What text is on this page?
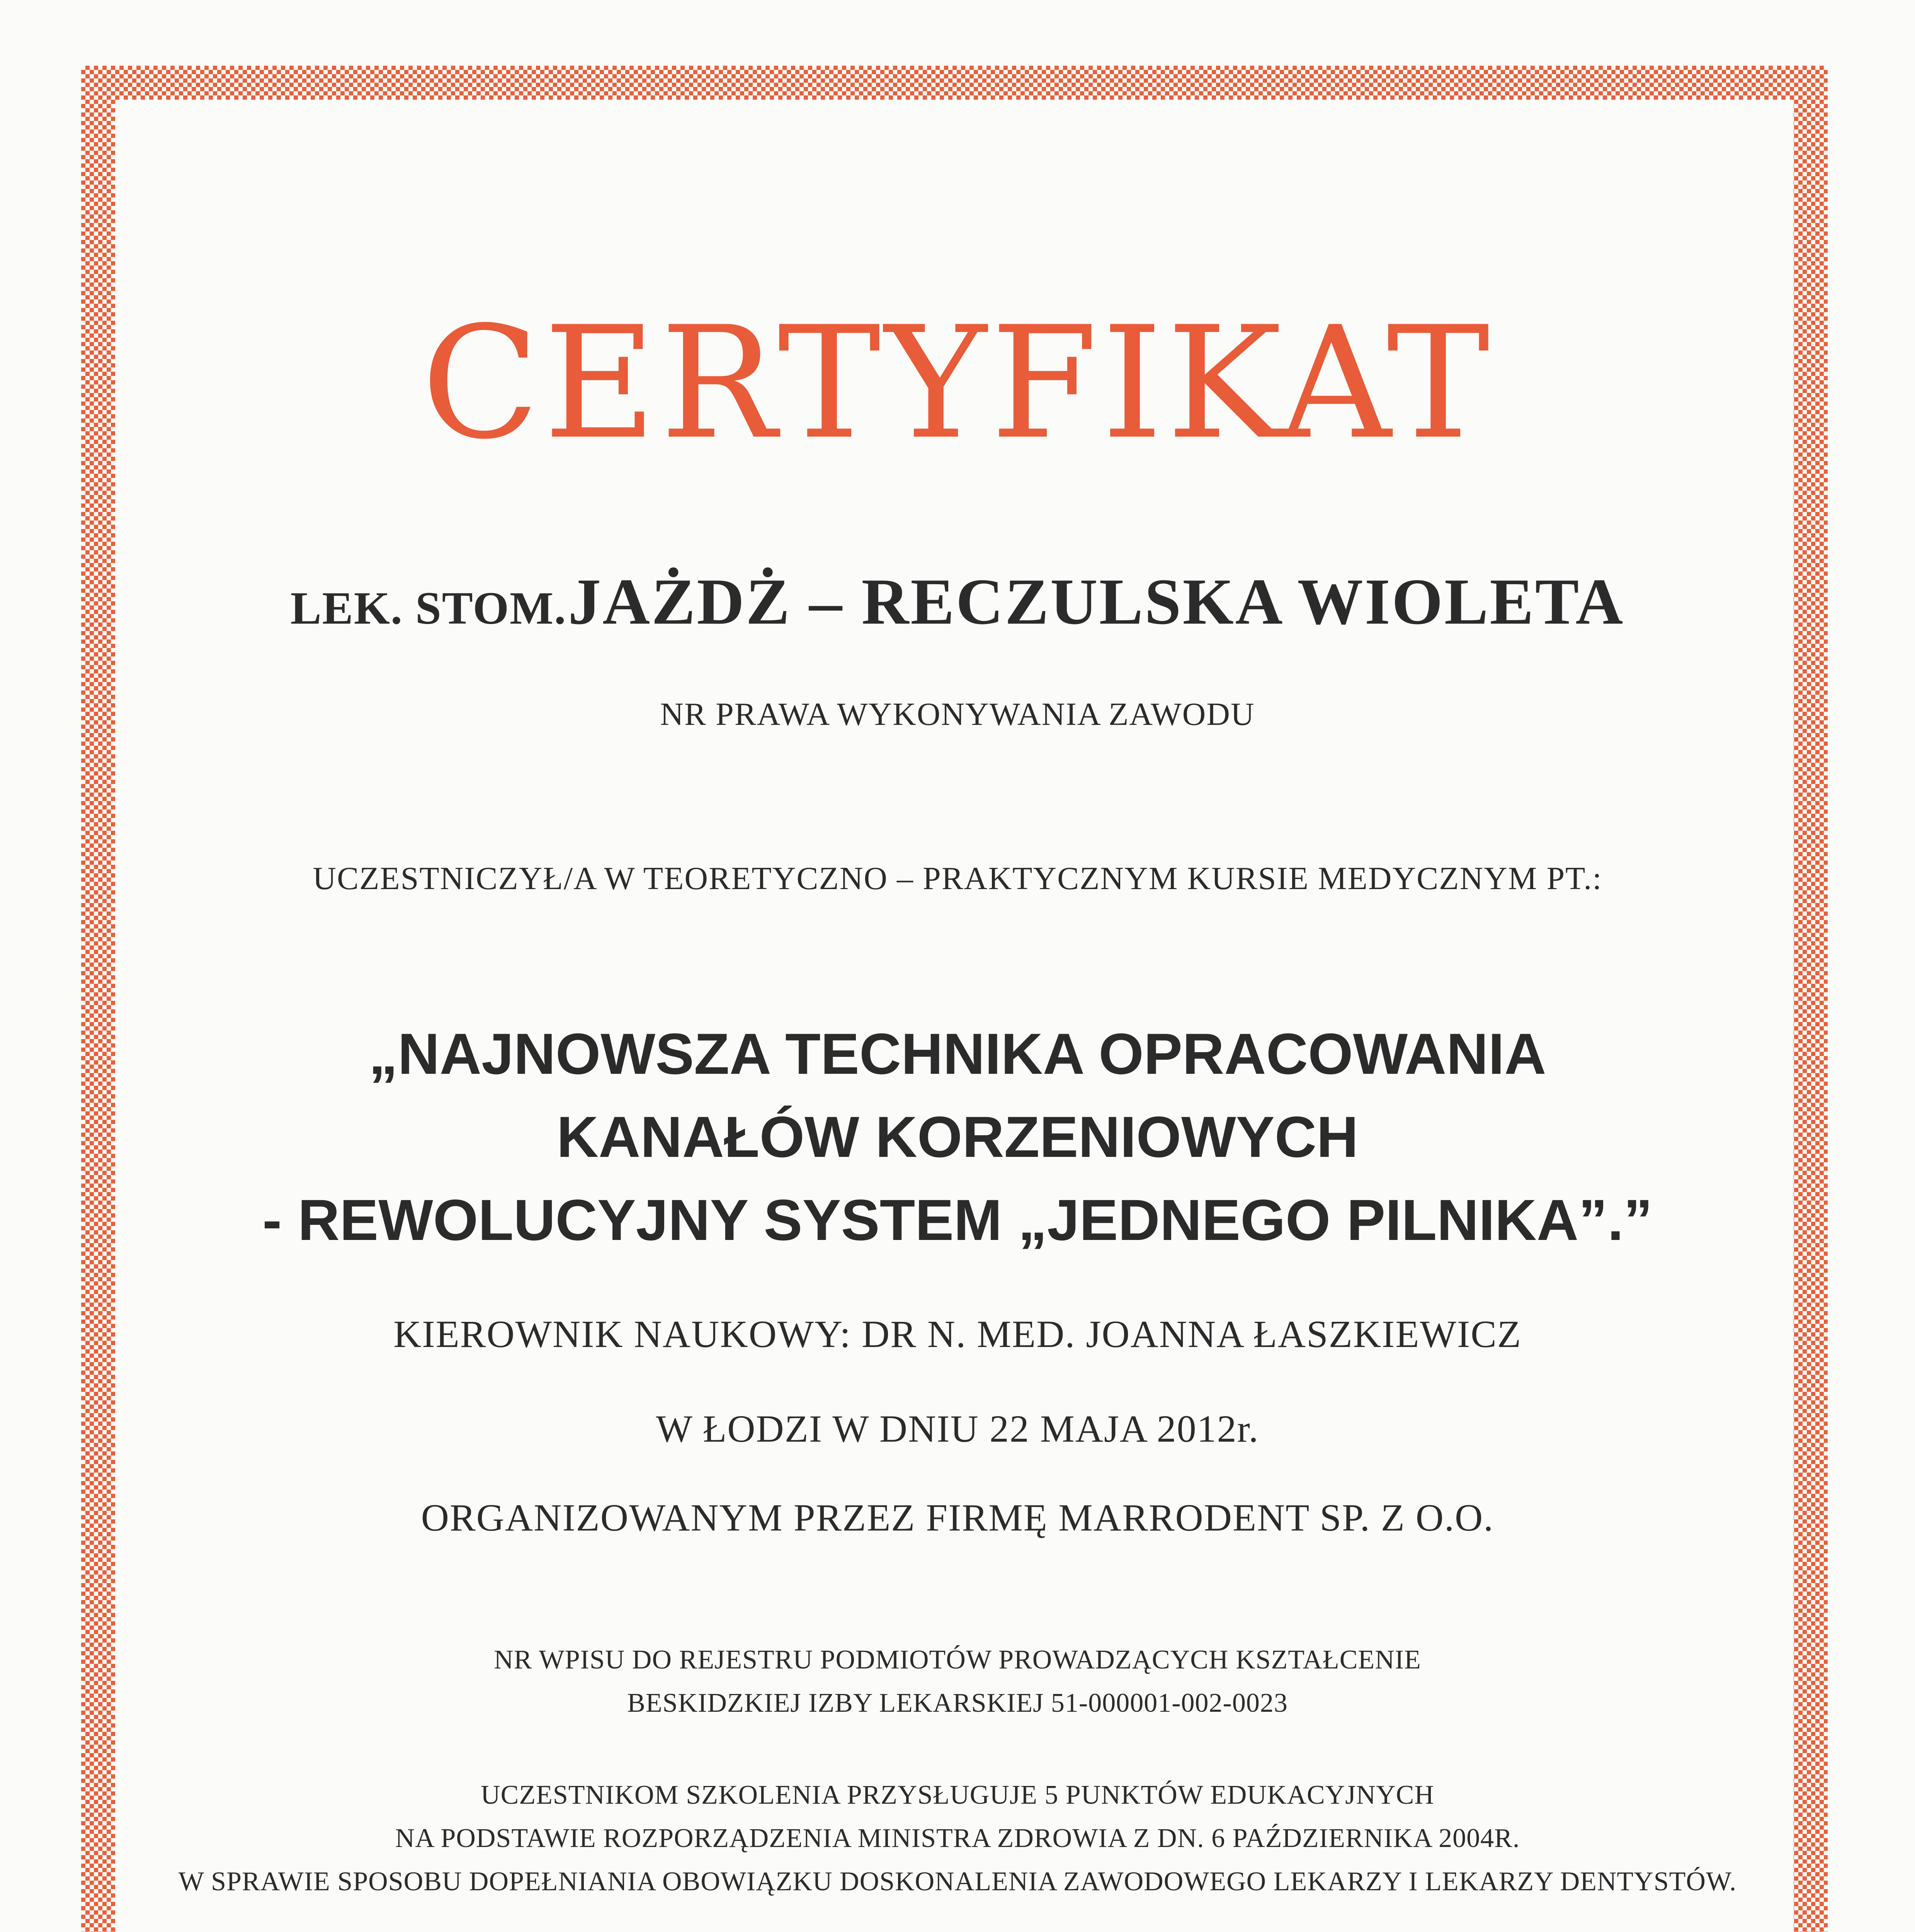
CERTYFIKAT
LEK. STOM. JAŻDŻ – RECZULSKA WIOLETA
NR PRAWA WYKONYWANIA ZAWODU
UCZESTNICZYŁ/A W TEORETYCZNO – PRAKTYCZNYM KURSIE MEDYCZNYM PT.:
„NAJNOWSZA TECHNIKA OPRACOWANIA
KANAŁÓW KORZENIOWYCH
- REWOLUCYJNY SYSTEM „JEDNEGO PILNIKA”.”
KIEROWNIK NAUKOWY: DR N. MED. JOANNA ŁASZKIEWICZ
W ŁODZI W DNIU 22 MAJA 2012r.
ORGANIZOWANYM PRZEZ FIRMĘ MARRODENT SP. Z O.O.
NR WPISU DO REJESTRU PODMIOTÓW PROWADZĄCYCH KSZTAŁCENIE
BESKIDZKIEJ IZBY LEKARSKIEJ 51-000001-002-0023
UCZESTNIKOM SZKOLENIA PRZYSŁUGUJE 5 PUNKTÓW EDUKACYJNYCH
NA PODSTAWIE ROZPORZĄDZENIA MINISTRA ZDROWIA Z DN. 6 PAŹDZIERNIKA 2004R.
W SPRAWIE SPOSOBU DOPEŁNIANIA OBOWIĄZKU DOSKONALENIA ZAWODOWEGO LEKARZY I LEKARZY DENTYSTÓW.
